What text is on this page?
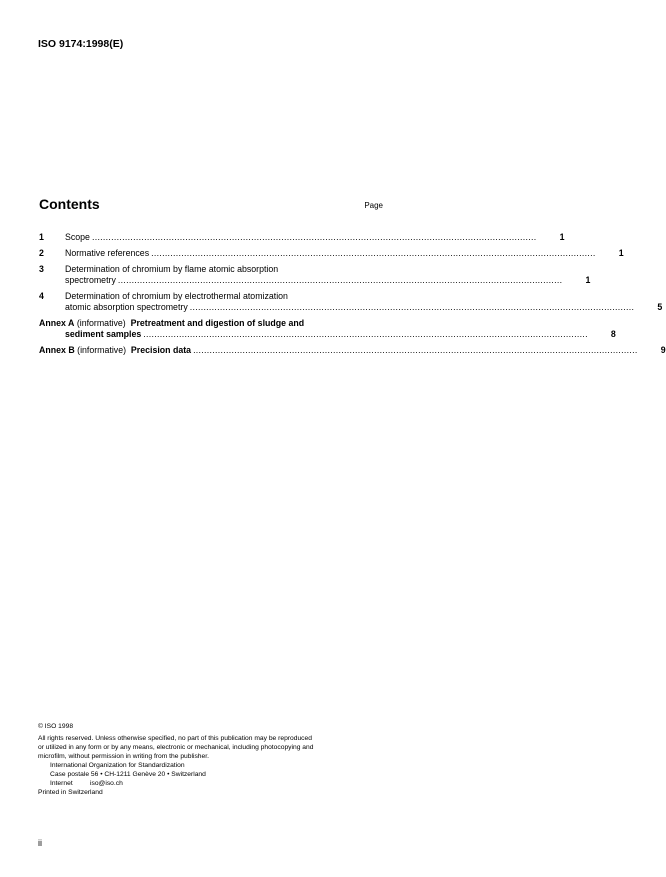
ISO 9174:1998(E)
Contents	Page
1	Scope .....	1
2	Normative references .....	1
3	Determination of chromium by flame atomic absorption
spectrometry .....	1
4	Determination of chromium by electrothermal atomization
atomic absorption spectrometry .....	5
Annex A (informative) Pretreatment and digestion of sludge and
sediment samples .....	8
Annex B (informative) Precision data .....	9
© ISO 1998
All rights reserved. Unless otherwise specified, no part of this publication may be reproduced
or utilized in any form or by any means, electronic or mechanical, including photocopying and
microfilm, without permission in writing from the publisher.
International Organization for Standardization
Case postale 56 • CH-1211 Genève 20 • Switzerland
Internet	iso@iso.ch
Printed in Switzerland
ii
